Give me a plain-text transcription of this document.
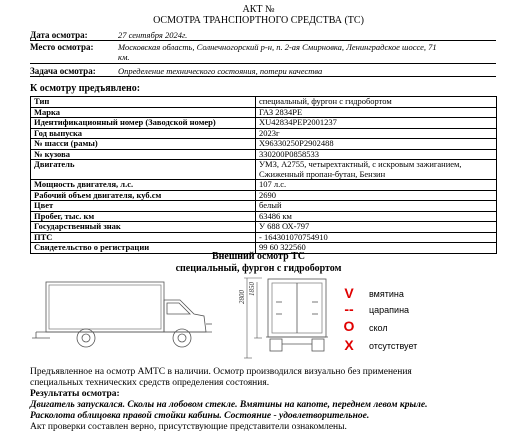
АКТ №
ОСМОТРА ТРАНСПОРТНОГО СРЕДСТВА (ТС)
Дата осмотра:	27 сентября 2024г.
Место осмотра:	Московская область, Солнечногорский р-н, п. 2-ая Смирновка, Ленинградское шоссе, 71
км.
Задача осмотра:	Определение технического состояния, потери качества
К осмотру предъявлено:
Тип	специальный, фургон с гидробортом
Марка	ГАЗ 2834РЕ
Идентификационный номер (Заводской номер)	XU42834PEP2001237
Год выпуска	2023г
№ шасси (рамы)	X96330250P2902488
№ кузова	330200P0858533
Двигатель	УМЗ, А2755, четырехтактный, с искровым зажиганием, Сжиженный пропан-бутан, Бензин
Мощность двигателя, л.с.	107 л.с.
Рабочий объем двигателя, куб.см	2690
Цвет	белый
Пробег, тыс. км	63486 км
Государственный знак	У 688 ОХ-797
ПТС	- 164301070754910
Свидетельство о регистрации	99 60 322560
Внешний осмотр ТС
специальный, фургон с гидробортом
2800
1850	V	вмятина
--	царапина
O	скол
X	отсутствует
Предъявленное на осмотр АМТС в наличии. Осмотр производился визуально без применения
специальных технических средств определения состояния.
Результаты осмотра:
Двигатель запускался. Сколы на лобовом стекле. Вмятины на капоте, переднем левом крыле.
Расколота облицовка правой стойки кабины. Состояние - удовлетворительное.
Акт проверки составлен верно, присутствующие представители ознакомлены.
